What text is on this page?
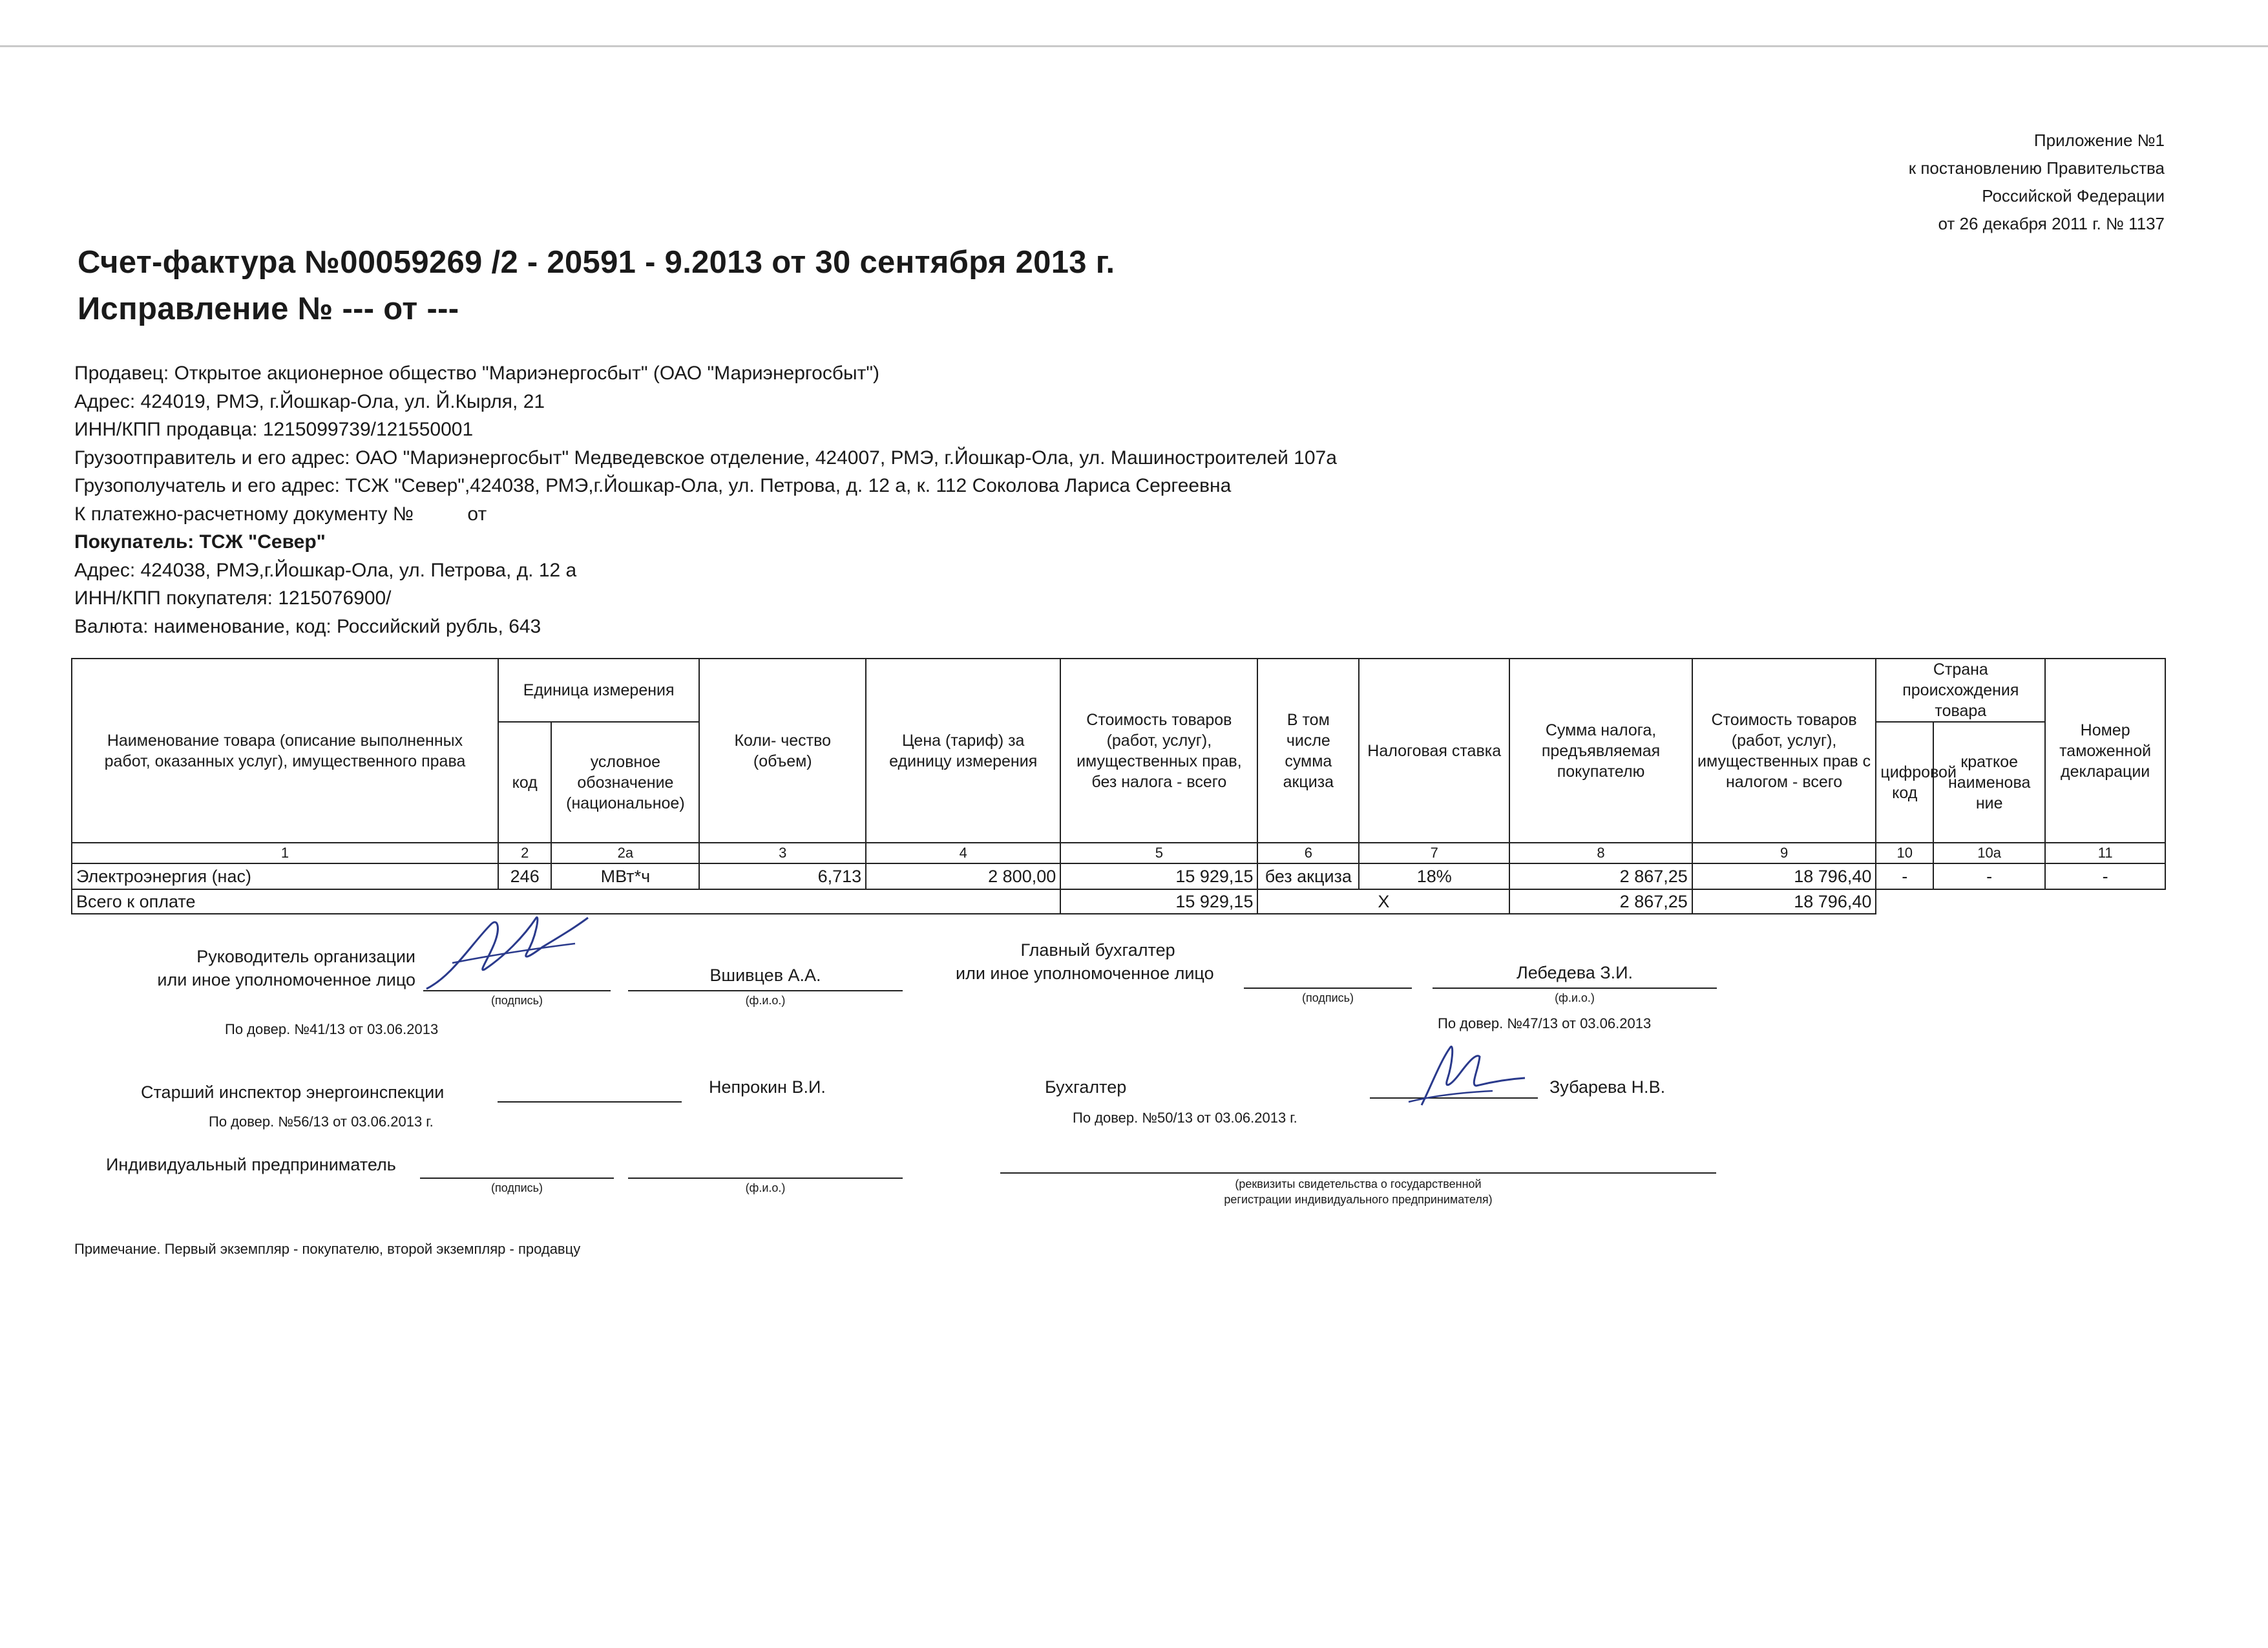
Приложение №1
к постановлению Правительства
Российской Федерации
от 26 декабря 2011 г. № 1137
Счет-фактура №00059269 /2 - 20591 - 9.2013 от 30 сентября 2013 г.
Исправление № --- от ---
Продавец: Открытое акционерное общество "Мариэнергосбыт" (ОАО "Мариэнергосбыт")
Адрес: 424019, РМЭ, г.Йошкар-Ола, ул. Й.Кырля, 21
ИНН/КПП продавца: 1215099739/121550001
Грузоотправитель и его адрес: ОАО "Мариэнергосбыт" Медведевское отделение, 424007, РМЭ, г.Йошкар-Ола, ул. Машиностроителей 107а
Грузополучатель и его адрес: ТСЖ "Север",424038, РМЭ,г.Йошкар-Ола, ул. Петрова, д. 12 а, к. 112 Соколова Лариса Сергеевна
К платежно-расчетному документу №          от
Покупатель: ТСЖ "Север"
Адрес: 424038, РМЭ,г.Йошкар-Ола, ул. Петрова, д. 12 а
ИНН/КПП покупателя: 1215076900/
Валюта: наименование, код: Российский рубль, 643
Наименование товара (описание выполненных работ, оказанных услуг), имущественного права	Единица измерения		Коли- чество (объем)	Цена (тариф) за единицу измерения	Стоимость товаров (работ, услуг), имущественных прав, без налога - всего	В том числе сумма акциза	Налоговая ставка	Сумма налога, предъявляемая покупателю	Стоимость товаров (работ, услуг), имущественных прав с налогом - всего	Страна происхождения товара		Номер таможенной декларации
	код	условное обозначение (национальное)								цифровой код	краткое наименова ние	
1	2	2а	3	4	5	6	7	8	9	10	10а	11
Электроэнергия (нас)	246	МВт*ч	6,713	2 800,00	15 929,15	без акциза	18%	2 867,25	18 796,40	-	-	-
Всего к оплате					15 929,15	Х		2 867,25	18 796,40			
Руководитель организации
или иное уполномоченное лицо
(подпись)
Вшивцев А.А.
(ф.и.о.)
По довер. №41/13 от 03.06.2013
Главный бухгалтер
или иное уполномоченное лицо
(подпись)
Лебедева З.И.
(ф.и.о.)
По довер. №47/13 от 03.06.2013
Старший инспектор энергоинспекции	Непрокин В.И.
По довер. №56/13 от 03.06.2013 г.
Бухгалтер	Зубарева Н.В.
По довер. №50/13 от 03.06.2013 г.
Индивидуальный предприниматель
(подпись)	(ф.и.о.)	(реквизиты свидетельства о государственной
регистрации индивидуального предпринимателя)
Примечание. Первый экземпляр - покупателю, второй экземпляр - продавцу
